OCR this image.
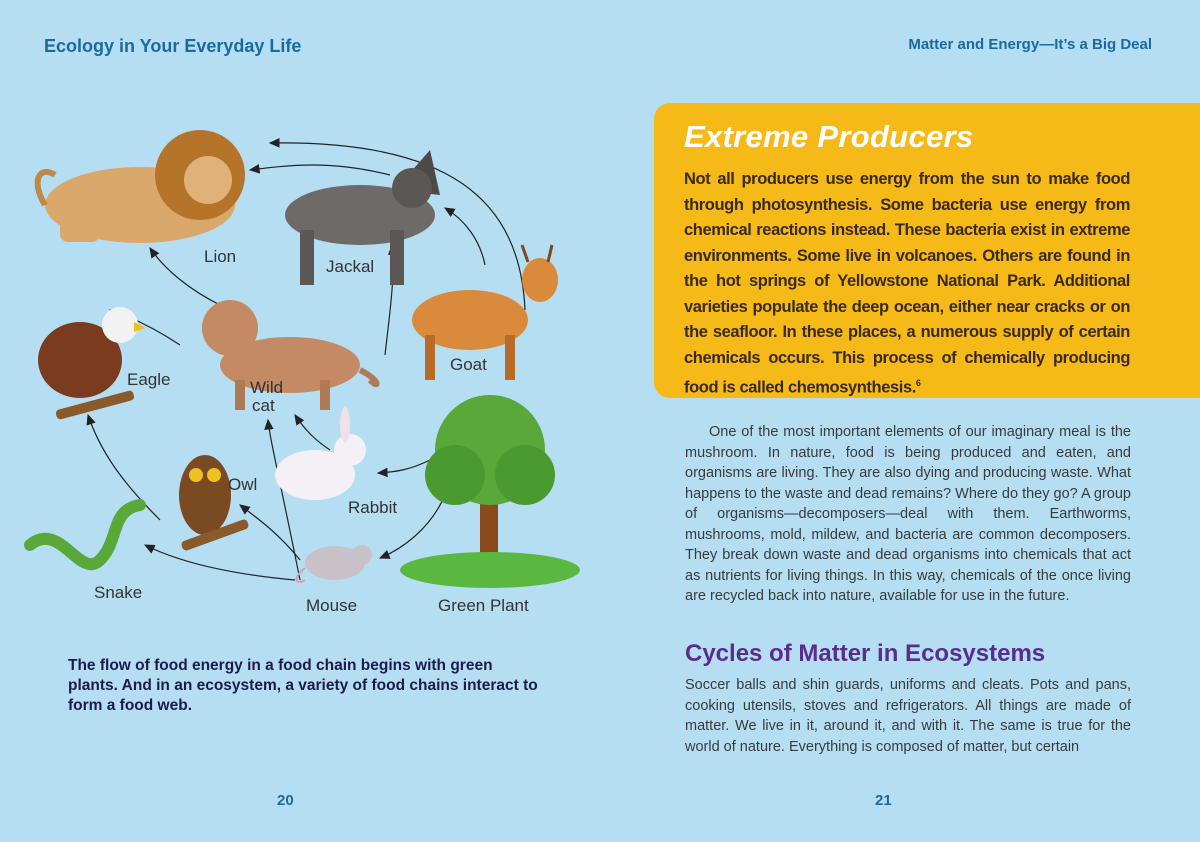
Ecology in Your Everyday Life	Matter and Energy—It’s a Big Deal
Lion
Jackal
Goat
Eagle	Wild
cat
Rabbit
Owl
Snake
Mouse	Green Plant
The flow of food energy in a food chain begins with green plants. And in an ecosystem, a variety of food chains interact to form a food web.
Extreme Producers
Not all producers use energy from the sun to make food through photosynthesis. Some bacteria use energy from chemical reactions instead. These bacteria exist in extreme environments. Some live in volcanoes. Others are found in the hot springs of Yellowstone National Park. Additional varieties populate the deep ocean, either near cracks or on the seafloor. In these places, a numerous supply of certain chemicals occurs. This process of chemically producing food is called chemosynthesis.$^6$
One of the most important elements of our imaginary meal is the mushroom. In nature, food is being produced and eaten, and organisms are living. They are also dying and producing waste. What happens to the waste and dead remains? Where do they go? A group of organisms—decomposers—deal with them. Earthworms, mushrooms, mold, mildew, and bacteria are common decomposers. They break down waste and dead organisms into chemicals that act as nutrients for living things. In this way, chemicals of the once living are recycled back into nature, available for use in the future.
Cycles of Matter in Ecosystems
Soccer balls and shin guards, uniforms and cleats. Pots and pans, cooking utensils, stoves and refrigerators. All things are made of matter. We live in it, around it, and with it. The same is true for the world of nature. Everything is composed of matter, but certain
20	21
